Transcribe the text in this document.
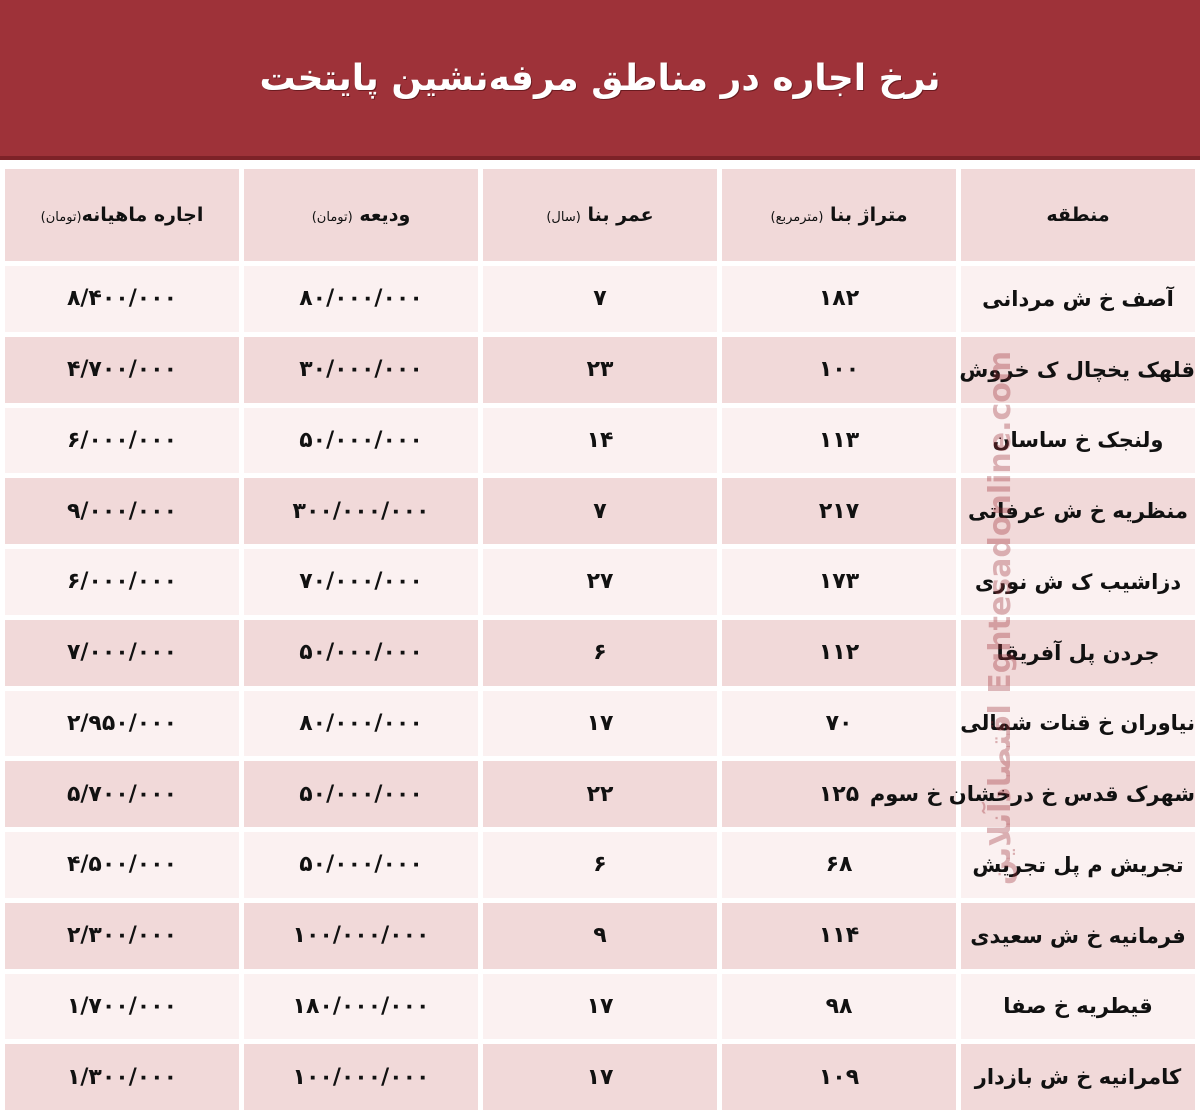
نرخ اجاره در مناطق مرفه‌نشین پایتخت
منطقه	متراژ بنا (مترمربع)	عمر بنا (سال)	ودیعه (تومان)	اجاره ماهیانه(تومان)
آصف خ ش مردانی	۱۸۲	۷	۸۰/۰۰۰/۰۰۰	۸/۴۰۰/۰۰۰
قلهک یخچال ک خروش	۱۰۰	۲۳	۳۰/۰۰۰/۰۰۰	۴/۷۰۰/۰۰۰
ولنجک خ ساسان	۱۱۳	۱۴	۵۰/۰۰۰/۰۰۰	۶/۰۰۰/۰۰۰
منظریه خ ش عرفاتی	۲۱۷	۷	۳۰۰/۰۰۰/۰۰۰	۹/۰۰۰/۰۰۰
دزاشیب ک ش نوری	۱۷۳	۲۷	۷۰/۰۰۰/۰۰۰	۶/۰۰۰/۰۰۰
جردن پل آفریقا	۱۱۲	۶	۵۰/۰۰۰/۰۰۰	۷/۰۰۰/۰۰۰
نیاوران خ قنات شمالی	۷۰	۱۷	۸۰/۰۰۰/۰۰۰	۲/۹۵۰/۰۰۰
شهرک قدس خ درخشان خ سوم	۱۲۵	۲۲	۵۰/۰۰۰/۰۰۰	۵/۷۰۰/۰۰۰
تجریش م پل تجریش	۶۸	۶	۵۰/۰۰۰/۰۰۰	۴/۵۰۰/۰۰۰
فرمانیه خ ش سعیدی	۱۱۴	۹	۱۰۰/۰۰۰/۰۰۰	۲/۳۰۰/۰۰۰
قیطریه خ صفا	۹۸	۱۷	۱۸۰/۰۰۰/۰۰۰	۱/۷۰۰/۰۰۰
کامرانیه خ ش بازدار	۱۰۹	۱۷	۱۰۰/۰۰۰/۰۰۰	۱/۳۰۰/۰۰۰
اقتصادآنلاین Eghtesadonline.com
